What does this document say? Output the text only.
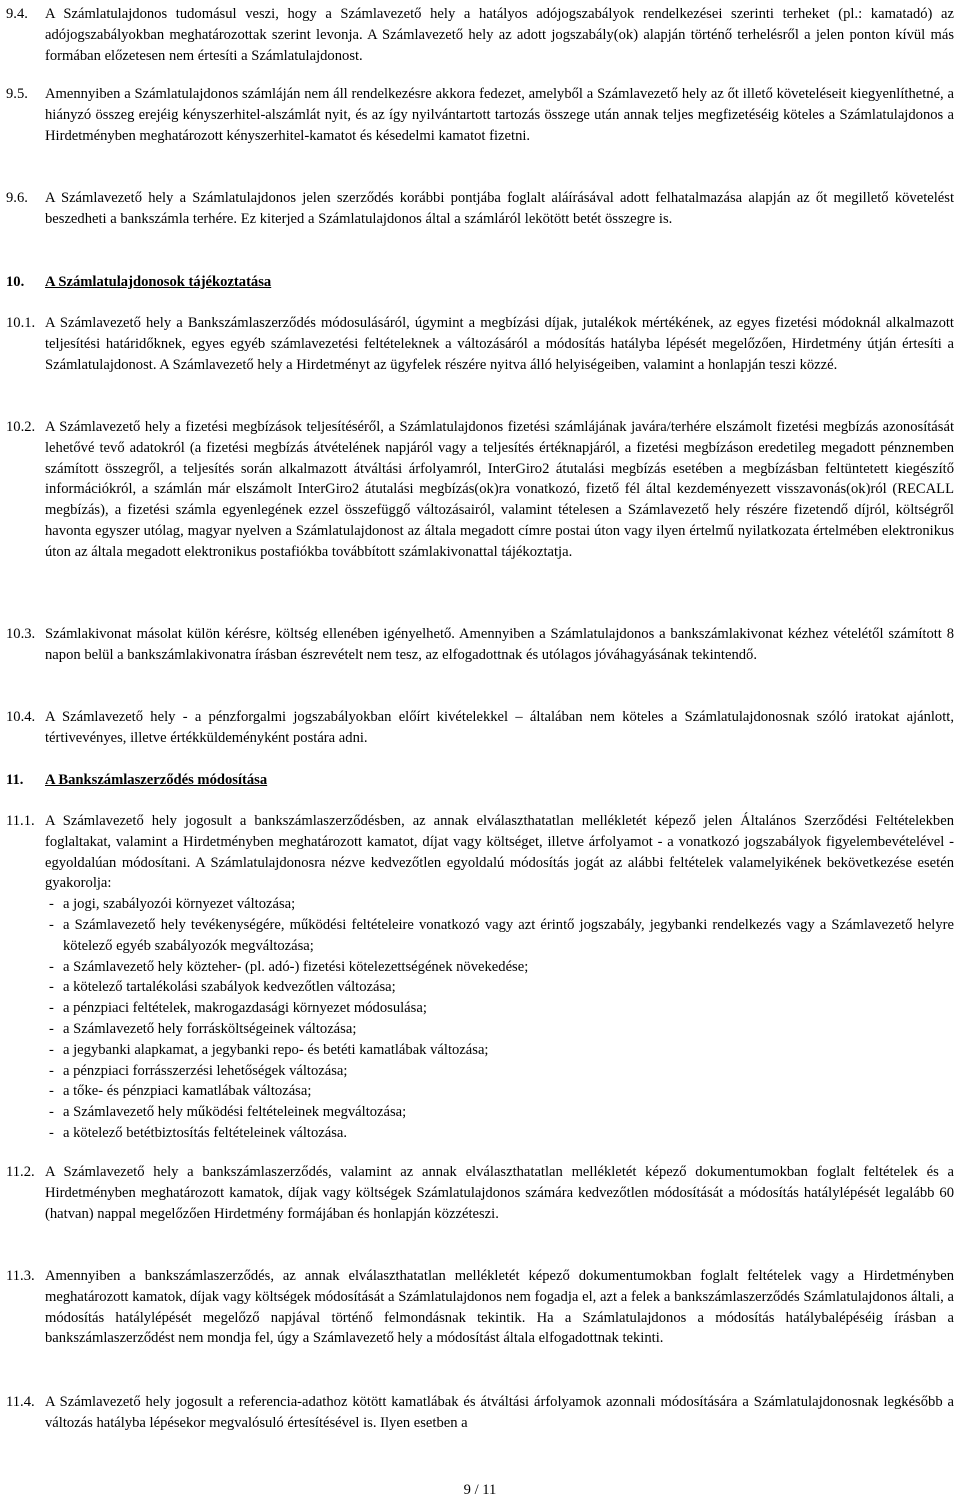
9.4. A Számlatulajdonos tudomásul veszi, hogy a Számlavezető hely a hatályos adójogszabályok rendelkezései szerinti terheket (pl.: kamatadó) az adójogszabályokban meghatározottak szerint levonja. A Számlavezető hely az adott jogszabály(ok) alapján történő terhelésről a jelen ponton kívül más formában előzetesen nem értesíti a Számlatulajdonost.
9.5. Amennyiben a Számlatulajdonos számláján nem áll rendelkezésre akkora fedezet, amelyből a Számlavezető hely az őt illető követeléseit kiegyenlíthetné, a hiányzó összeg erejéig kényszerhitel-alszámlát nyit, és az így nyilvántartott tartozás összege után annak teljes megfizetéséig köteles a Számlatulajdonos a Hirdetményben meghatározott kényszerhitel-kamatot és késedelmi kamatot fizetni.
9.6. A Számlavezető hely a Számlatulajdonos jelen szerződés korábbi pontjába foglalt aláírásával adott felhatalmazása alapján az őt megillető követelést beszedheti a bankszámla terhére. Ez kiterjed a Számlatulajdonos által a számláról lekötött betét összegre is.
10. A Számlatulajdonosok tájékoztatása
10.1. A Számlavezető hely a Bankszámlaszerződés módosulásáról, úgymint a megbízási díjak, jutalékok mértékének, az egyes fizetési módoknál alkalmazott teljesítési határidőknek, egyes egyéb számlavezetési feltételeknek a változásáról a módosítás hatályba lépését megelőzően, Hirdetmény útján értesíti a Számlatulajdonost. A Számlavezető hely a Hirdetményt az ügyfelek részére nyitva álló helyiségeiben, valamint a honlapján teszi közzé.
10.2. A Számlavezető hely a fizetési megbízások teljesítéséről, a Számlatulajdonos fizetési számlájának javára/terhére elszámolt fizetési megbízás azonosítását lehetővé tevő adatokról (a fizetési megbízás átvételének napjáról vagy a teljesítés értéknapjáról, a fizetési megbízáson eredetileg megadott pénznemben számított összegről, a teljesítés során alkalmazott átváltási árfolyamról, InterGiro2 átutalási megbízás esetében a megbízásban feltüntetett kiegészítő információkról, a számlán már elszámolt InterGiro2 átutalási megbízás(ok)ra vonatkozó, fizető fél által kezdeményezett visszavonás(ok)ról (RECALL megbízás), a fizetési számla egyenlegének ezzel összefüggő változásairól, valamint tételesen a Számlavezető hely részére fizetendő díjról, költségről havonta egyszer utólag, magyar nyelven a Számlatulajdonost az általa megadott címre postai úton vagy ilyen értelmű nyilatkozata értelmében elektronikus úton az általa megadott elektronikus postafiókba továbbított számlakivonattal tájékoztatja.
10.3. Számlakivonat másolat külön kérésre, költség ellenében igényelhető. Amennyiben a Számlatulajdonos a bankszámlakivonat kézhez vételétől számított 8 napon belül a bankszámlakivonatra írásban észrevételt nem tesz, az elfogadottnak és utólagos jóváhagyásának tekintendő.
10.4. A Számlavezető hely - a pénzforgalmi jogszabályokban előírt kivételekkel – általában nem köteles a Számlatulajdonosnak szóló iratokat ajánlott, tértivevényes, illetve értékküldeményként postára adni.
11. A Bankszámlaszerződés módosítása
11.1. A Számlavezető hely jogosult a bankszámlaszerződésben, az annak elválaszthatatlan mellékletét képező jelen Általános Szerződési Feltételekben foglaltakat, valamint a Hirdetményben meghatározott kamatot, díjat vagy költséget, illetve árfolyamot - a vonatkozó jogszabályok figyelembevételével - egyoldalúan módosítani. A Számlatulajdonosra nézve kedvezőtlen egyoldalú módosítás jogát az alábbi feltételek valamelyikének bekövetkezése esetén gyakorolja:
- a jogi, szabályozói környezet változása;
- a Számlavezető hely tevékenységére, működési feltételeire vonatkozó vagy azt érintő jogszabály, jegybanki rendelkezés vagy a Számlavezető helyre kötelező egyéb szabályozók megváltozása;
- a Számlavezető hely közteher- (pl. adó-) fizetési kötelezettségének növekedése;
- a kötelező tartalékolási szabályok kedvezőtlen változása;
- a pénzpiaci feltételek, makrogazdasági környezet módosulása;
- a Számlavezető hely forrásköltségeinek változása;
- a jegybanki alapkamat, a jegybanki repo- és betéti kamatlábak változása;
- a pénzpiaci forrásszerzési lehetőségek változása;
- a tőke- és pénzpiaci kamatlábak változása;
- a Számlavezető hely működési feltételeinek megváltozása;
- a kötelező betétbiztosítás feltételeinek változása.
11.2. A Számlavezető hely a bankszámlaszerződés, valamint az annak elválaszthatatlan mellékletét képező dokumentumokban foglalt feltételek és a Hirdetményben meghatározott kamatok, díjak vagy költségek Számlatulajdonos számára kedvezőtlen módosítását a módosítás hatálylépését legalább 60 (hatvan) nappal megelőzően Hirdetmény formájában és honlapján közzéteszi.
11.3. Amennyiben a bankszámlaszerződés, az annak elválaszthatatlan mellékletét képező dokumentumokban foglalt feltételek vagy a Hirdetményben meghatározott kamatok, díjak vagy költségek módosítását a Számlatulajdonos nem fogadja el, azt a felek a bankszámlaszerződés Számlatulajdonos általi, a módosítás hatálylépését megelőző napjával történő felmondásnak tekintik. Ha a Számlatulajdonos a módosítás hatálybalépéséig írásban a bankszámlaszerződést nem mondja fel, úgy a Számlavezető hely a módosítást általa elfogadottnak tekinti.
11.4. A Számlavezető hely jogosult a referencia-adathoz kötött kamatlábak és átváltási árfolyamok azonnali módosítására a Számlatulajdonosnak legkésőbb a változás hatályba lépésekor megvalósuló értesítésével is. Ilyen esetben a
9 / 11
